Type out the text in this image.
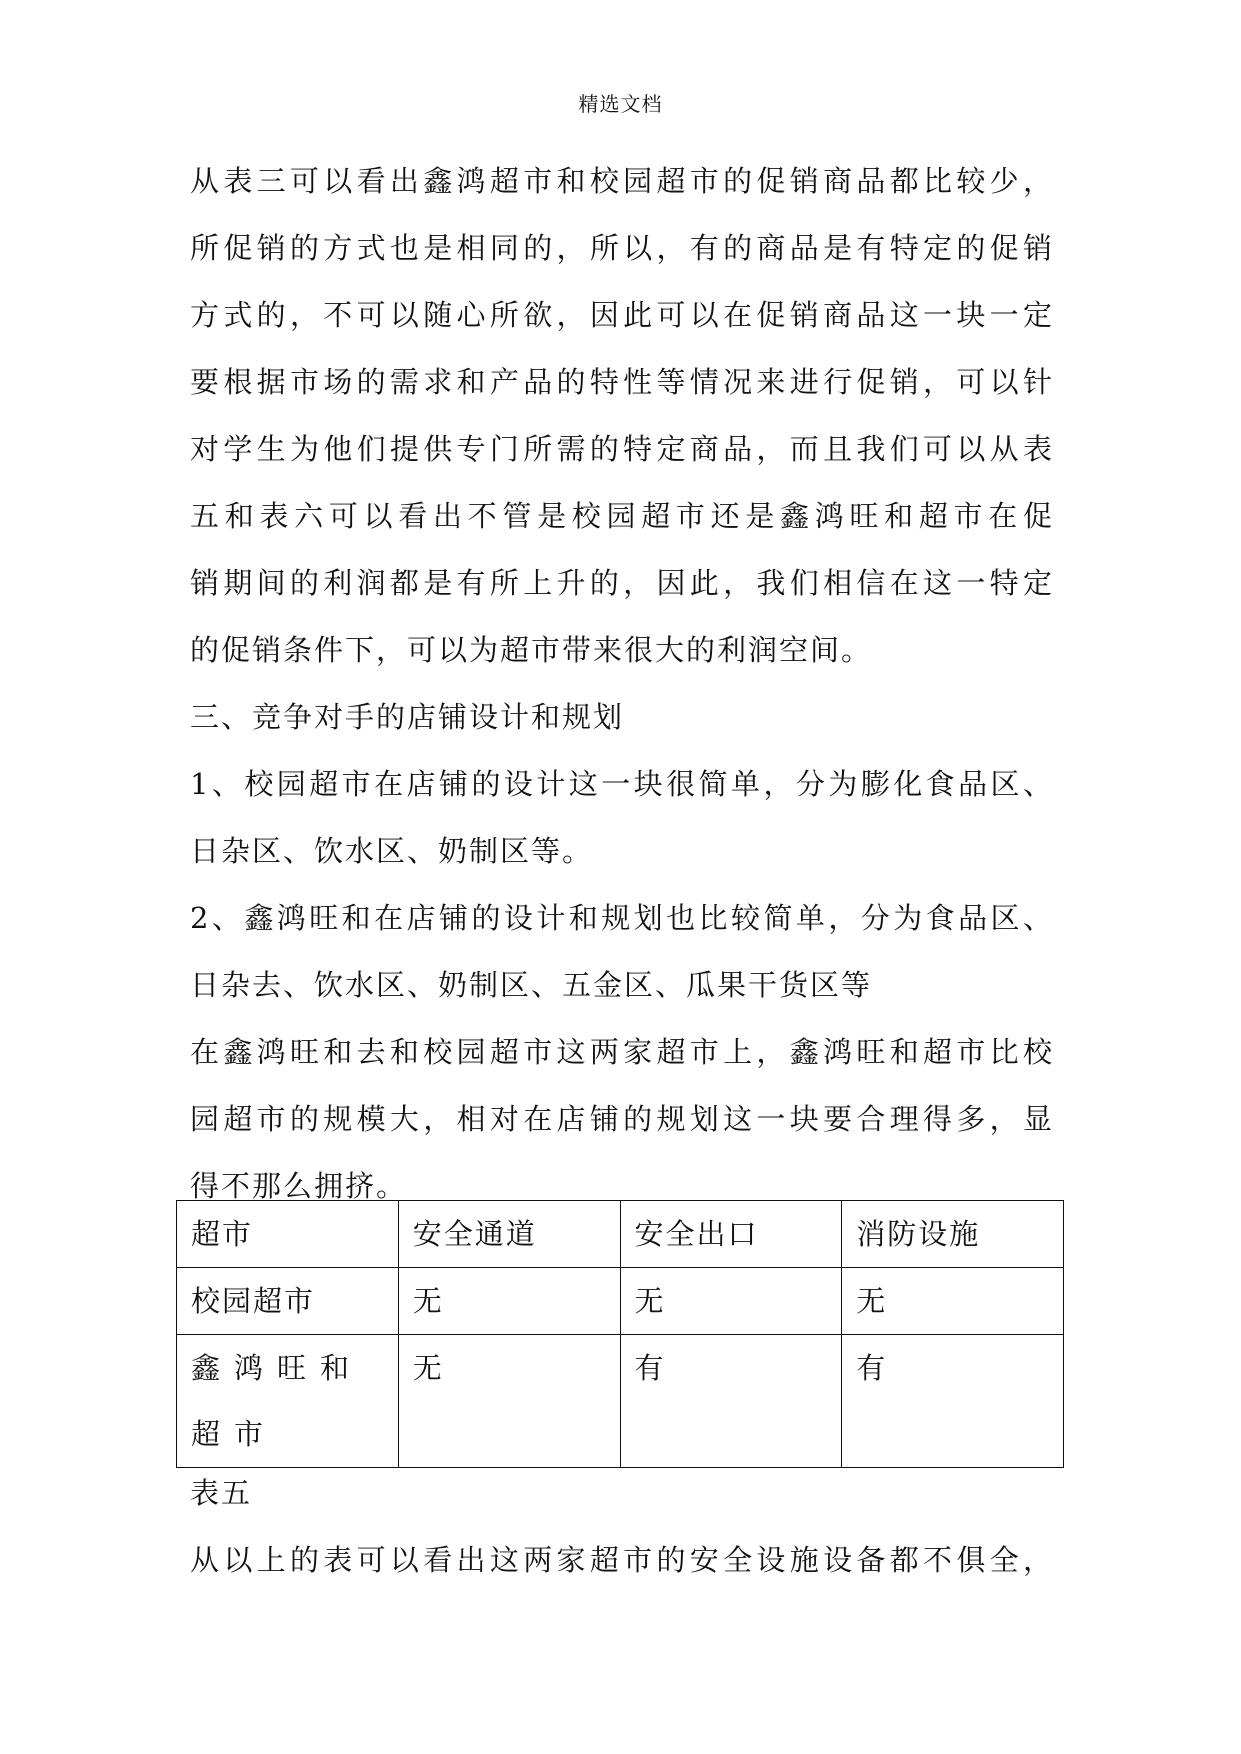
精选文档
从表三可以看出鑫鸿超市和校园超市的促销商品都比较少，
所促销的方式也是相同的，所以，有的商品是有特定的促销
方式的，不可以随心所欲，因此可以在促销商品这一块一定
要根据市场的需求和产品的特性等情况来进行促销，可以针
对学生为他们提供专门所需的特定商品，而且我们可以从表
五和表六可以看出不管是校园超市还是鑫鸿旺和超市在促
销期间的利润都是有所上升的，因此，我们相信在这一特定
的促销条件下，可以为超市带来很大的利润空间。
三、竞争对手的店铺设计和规划
1、校园超市在店铺的设计这一块很简单，分为膨化食品区、
日杂区、饮水区、奶制区等。
2、鑫鸿旺和在店铺的设计和规划也比较简单，分为食品区、
日杂去、饮水区、奶制区、五金区、瓜果干货区等
在鑫鸿旺和去和校园超市这两家超市上，鑫鸿旺和超市比校
园超市的规模大，相对在店铺的规划这一块要合理得多，显
得不那么拥挤。
超市	安全通道	安全出口	消防设施
校园超市	无	无	无
鑫鸿旺和超市	无	有	有
表五
从以上的表可以看出这两家超市的安全设施设备都不俱全，
